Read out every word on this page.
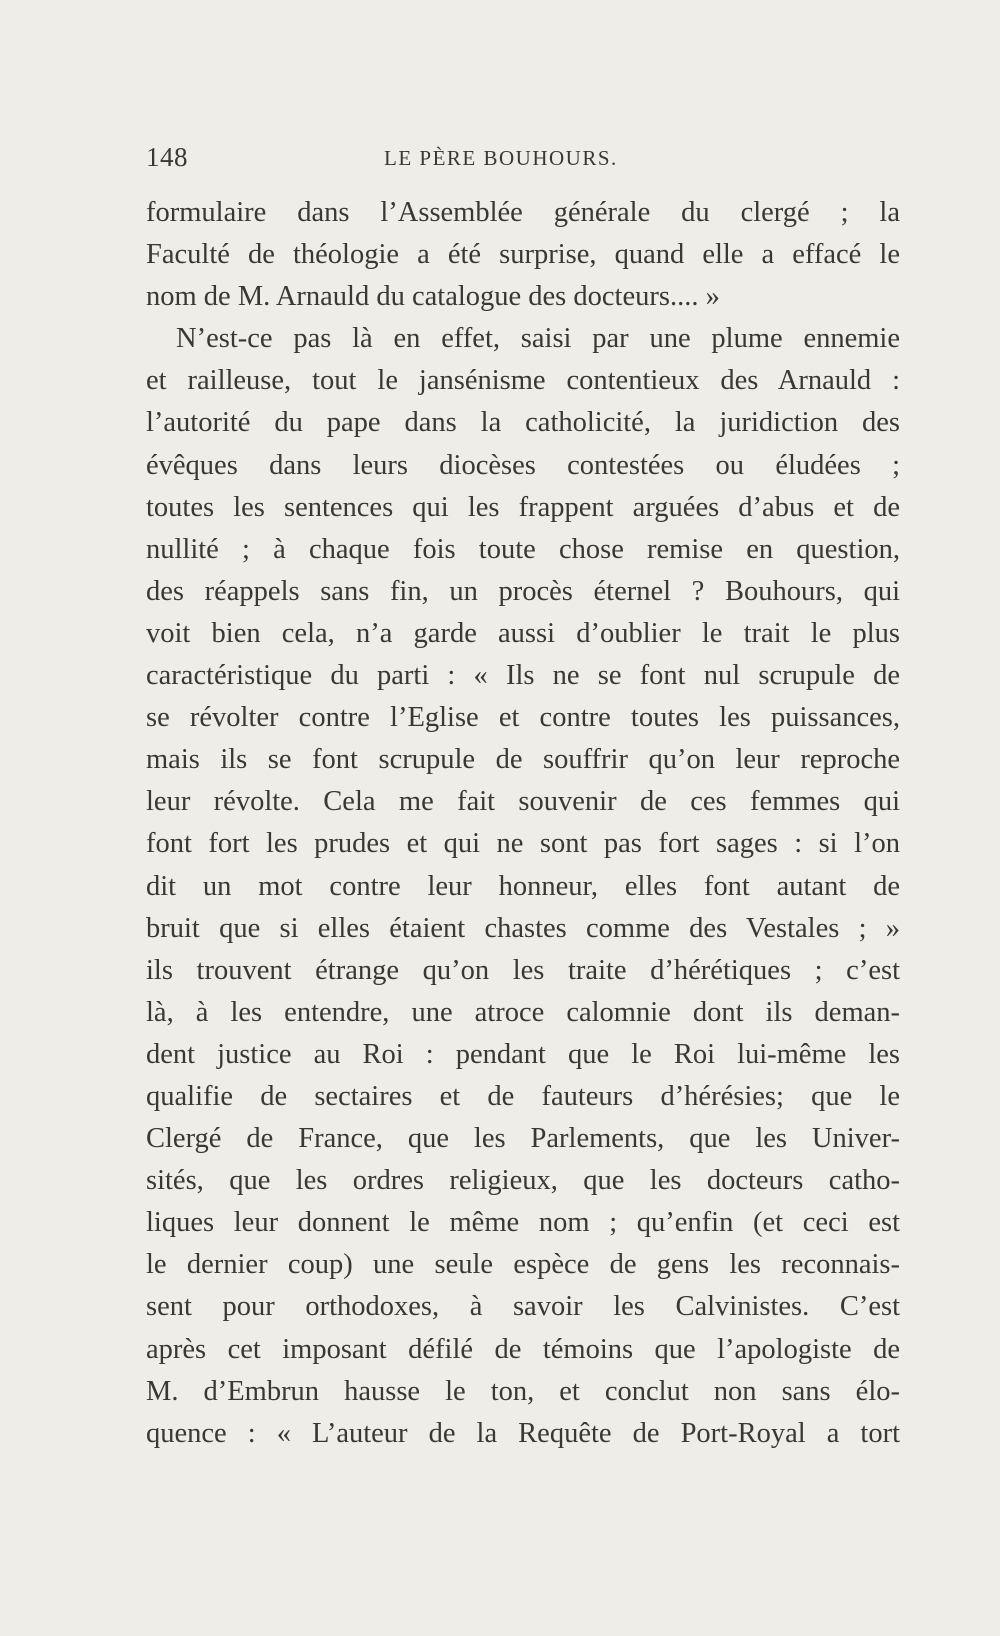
148	LE PÈRE BOUHOURS.
formulaire dans l’Assemblée générale du clergé ; la
Faculté de théologie a été surprise, quand elle a effacé le
nom de M. Arnauld du catalogue des docteurs.... »
N’est-ce pas là en effet, saisi par une plume ennemie
et railleuse, tout le jansénisme contentieux des Arnauld :
l’autorité du pape dans la catholicité, la juridiction des
évêques dans leurs diocèses contestées ou éludées ;
toutes les sentences qui les frappent arguées d’abus et de
nullité ; à chaque fois toute chose remise en question,
des réappels sans fin, un procès éternel ? Bouhours, qui
voit bien cela, n’a garde aussi d’oublier le trait le plus
caractéristique du parti : « Ils ne se font nul scrupule de
se révolter contre l’Eglise et contre toutes les puissances,
mais ils se font scrupule de souffrir qu’on leur reproche
leur révolte. Cela me fait souvenir de ces femmes qui
font fort les prudes et qui ne sont pas fort sages : si l’on
dit un mot contre leur honneur, elles font autant de
bruit que si elles étaient chastes comme des Vestales ; »
ils trouvent étrange qu’on les traite d’hérétiques ; c’est
là, à les entendre, une atroce calomnie dont ils deman-
dent justice au Roi : pendant que le Roi lui-même les
qualifie de sectaires et de fauteurs d’hérésies; que le
Clergé de France, que les Parlements, que les Univer-
sités, que les ordres religieux, que les docteurs catho-
liques leur donnent le même nom ; qu’enfin (et ceci est
le dernier coup) une seule espèce de gens les reconnais-
sent pour orthodoxes, à savoir les Calvinistes. C’est
après cet imposant défilé de témoins que l’apologiste de
M. d’Embrun hausse le ton, et conclut non sans élo-
quence : « L’auteur de la Requête de Port-Royal a tort
